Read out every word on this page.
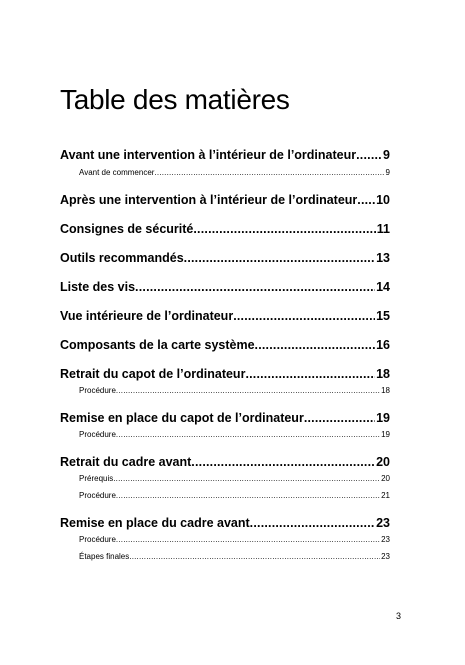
Table des matières
Avant une intervention à l’intérieur de l’ordinateur ..... 9
Avant de commencer .....	9
Après une intervention à l’intérieur de l’ordinateur ..... 10
Consignes de sécurité .....	11
Outils recommandés .....	13
Liste des vis .....	14
Vue intérieure de l’ordinateur .....	15
Composants de la carte système .....	16
Retrait du capot de l’ordinateur .....	18
Procédure .....	18
Remise en place du capot de l’ordinateur .....	19
Procédure .....	19
Retrait du cadre avant .....	20
Prérequis .....	20
Procédure .....	21
Remise en place du cadre avant .....	23
Procédure .....	23
Étapes finales .....	23
3
